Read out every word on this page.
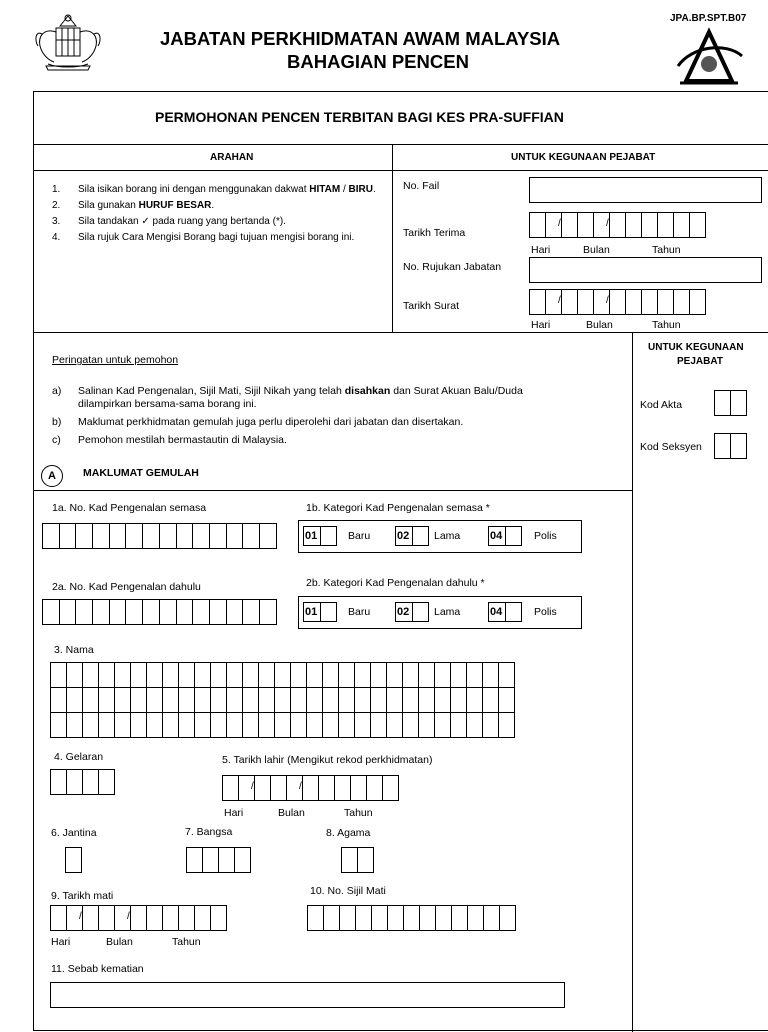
JABATAN PERKHIDMATAN AWAM MALAYSIA
BAHAGIAN PENCEN
JPA.BP.SPT.B07
PERMOHONAN PENCEN TERBITAN BAGI KES PRA-SUFFIAN
ARAHAN
1. Sila isikan borang ini dengan menggunakan dakwat HITAM / BIRU.
2. Sila gunakan HURUF BESAR.
3. Sila tandakan ✓ pada ruang yang bertanda (*).
4. Sila rujuk Cara Mengisi Borang bagi tujuan mengisi borang ini.
UNTUK KEGUNAAN PEJABAT
No. Fail
Tarikh Terima
/
/
Hari	Bulan	Tahun
No. Rujukan Jabatan
Tarikh Surat
/
/
Hari	Bulan	Tahun
UNTUK KEGUNAAN
PEJABAT
Kod Akta
Kod Seksyen
Peringatan untuk pemohon
a) Salinan Kad Pengenalan, Sijil Mati, Sijil Nikah yang telah disahkan dan Surat Akuan Balu/Duda
dilampirkan bersama-sama borang ini.
b) Maklumat perkhidmatan gemulah juga perlu diperolehi dari jabatan dan disertakan.
c) Pemohon mestilah bermastautin di Malaysia.
A	MAKLUMAT GEMULAH
1a. No. Kad Pengenalan semasa	1b. Kategori Kad Pengenalan semasa *
01	Baru 02	Lama	04	Polis
2a. No. Kad Pengenalan dahulu	2b. Kategori Kad Pengenalan dahulu *
01	Baru 02	Lama	04	Polis
3. Nama
4. Gelaran	5. Tarikh lahir (Mengikut rekod perkhidmatan)
/
/
Hari	Bulan	Tahun
6. Jantina	7. Bangsa	8. Agama
9. Tarikh mati
/
/
Hari	Bulan	Tahun
10. No. Sijil Mati
11. Sebab kematian
